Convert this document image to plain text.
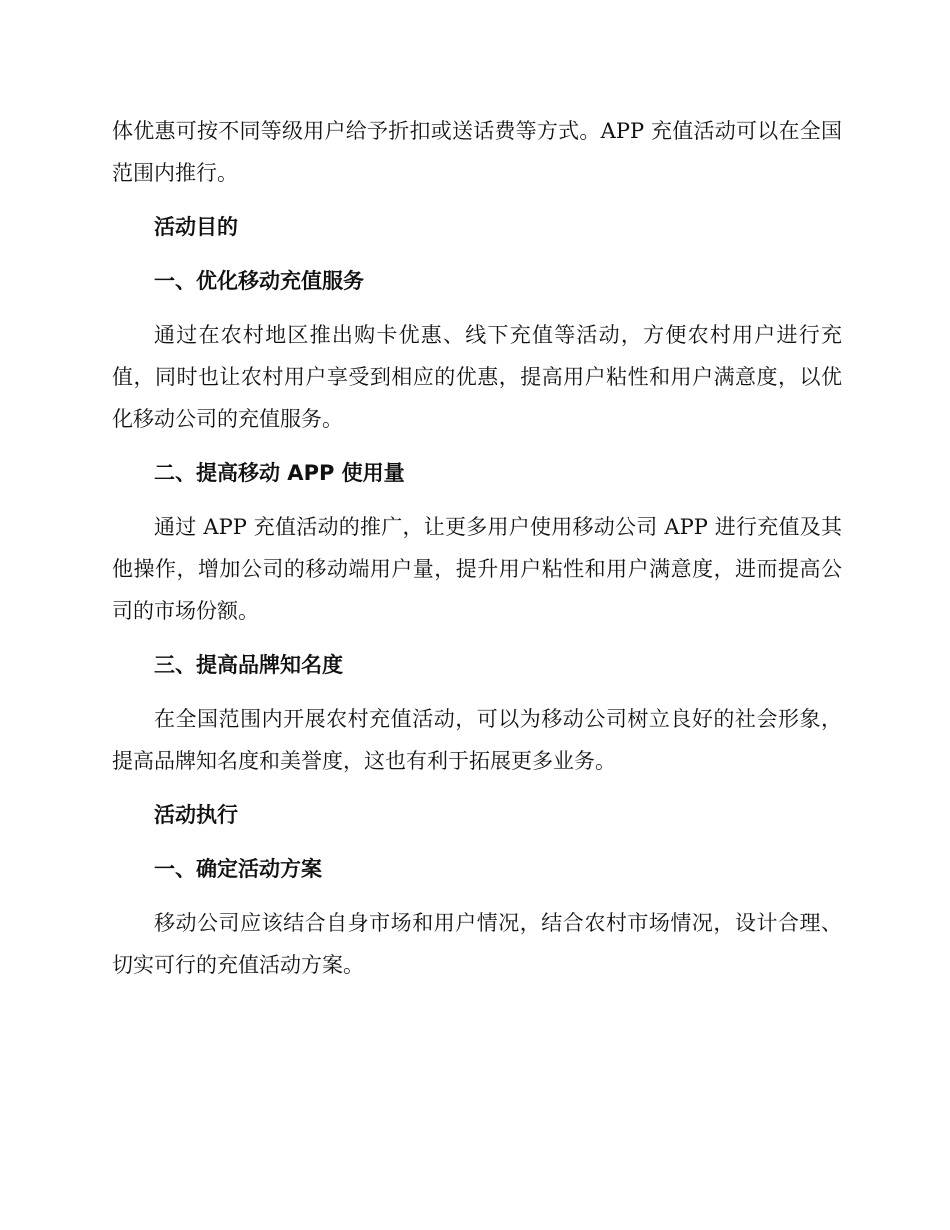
体优惠可按不同等级用户给予折扣或送话费等方式。APP 充值活动可以在全国范围内推行。

活动目的
一、优化移动充值服务

通过在农村地区推出购卡优惠、线下充值等活动，方便农村用户进行充值，同时也让农村用户享受到相应的优惠，提高用户粘性和用户满意度，以优化移动公司的充值服务。

二、提高移动 APP 使用量

通过 APP 充值活动的推广，让更多用户使用移动公司 APP 进行充值及其他操作，增加公司的移动端用户量，提升用户粘性和用户满意度，进而提高公司的市场份额。

三、提高品牌知名度

在全国范围内开展农村充值活动，可以为移动公司树立良好的社会形象，提高品牌知名度和美誉度，这也有利于拓展更多业务。

活动执行
一、确定活动方案

移动公司应该结合自身市场和用户情况，结合农村市场情况，设计合理、切实可行的充值活动方案。
